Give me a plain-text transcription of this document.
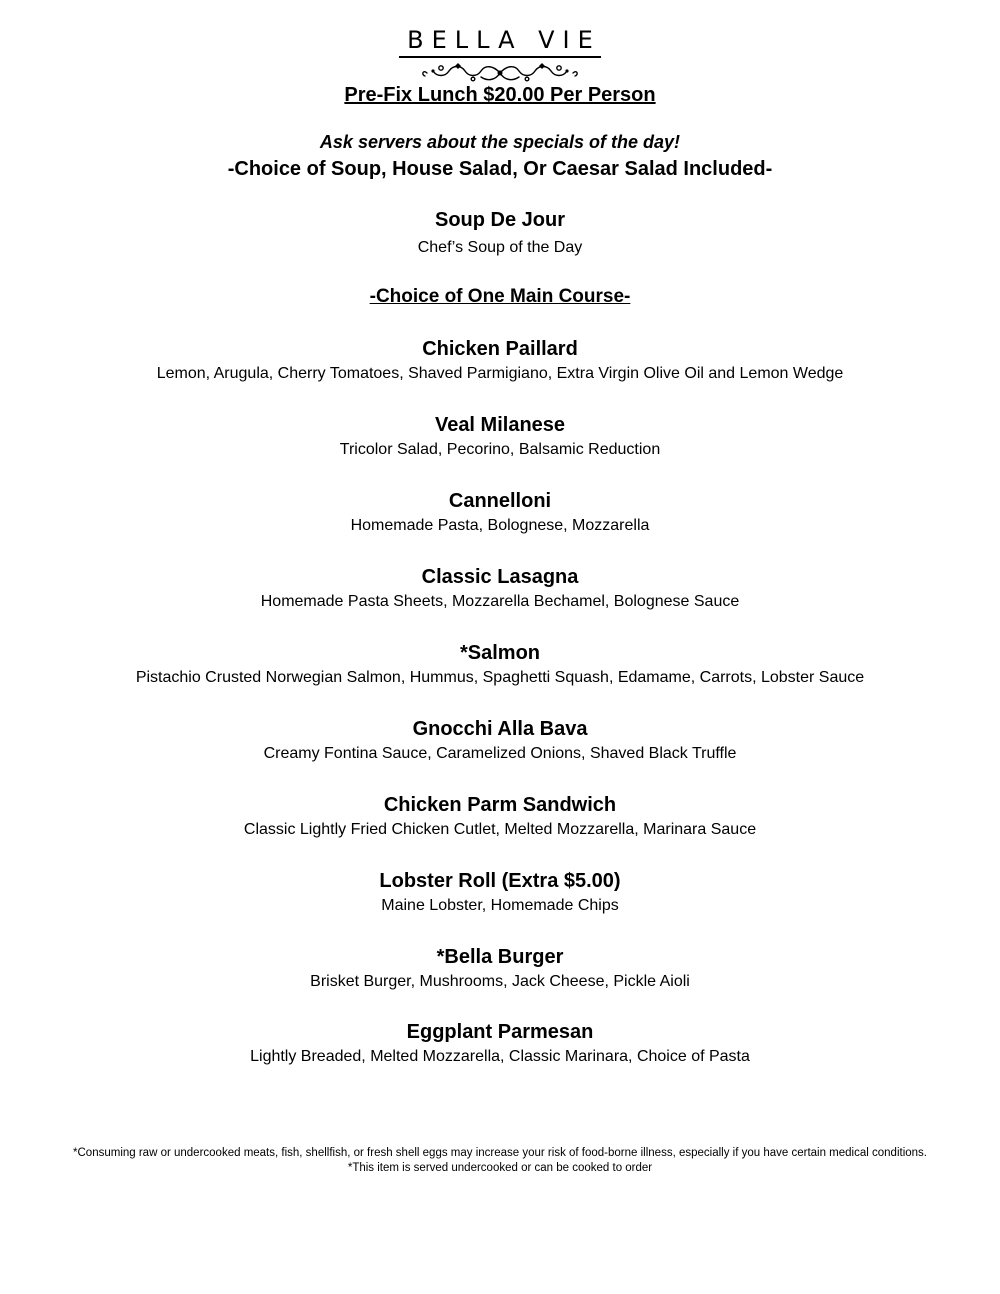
BELLA VIE
Pre-Fix Lunch $20.00 Per Person
Ask servers about the specials of the day!
-Choice of Soup, House Salad, Or Caesar Salad Included-
Soup De Jour
Chef’s Soup of the Day
-Choice of One Main Course-
Chicken Paillard
Lemon, Arugula, Cherry Tomatoes, Shaved Parmigiano, Extra Virgin Olive Oil and Lemon Wedge
Veal Milanese
Tricolor Salad, Pecorino, Balsamic Reduction
Cannelloni
Homemade Pasta, Bolognese, Mozzarella
Classic Lasagna
Homemade Pasta Sheets, Mozzarella Bechamel, Bolognese Sauce
*Salmon
Pistachio Crusted Norwegian Salmon, Hummus, Spaghetti Squash, Edamame, Carrots, Lobster Sauce
Gnocchi Alla Bava
Creamy Fontina Sauce, Caramelized Onions, Shaved Black Truffle
Chicken Parm Sandwich
Classic Lightly Fried Chicken Cutlet, Melted Mozzarella, Marinara Sauce
Lobster Roll (Extra $5.00)
Maine Lobster, Homemade Chips
*Bella Burger
Brisket Burger, Mushrooms, Jack Cheese, Pickle Aioli
Eggplant Parmesan
Lightly Breaded, Melted Mozzarella, Classic Marinara, Choice of Pasta
*Consuming raw or undercooked meats, fish, shellfish, or fresh shell eggs may increase your risk of food-borne illness, especially if you have certain medical conditions. *This item is served undercooked or can be cooked to order
